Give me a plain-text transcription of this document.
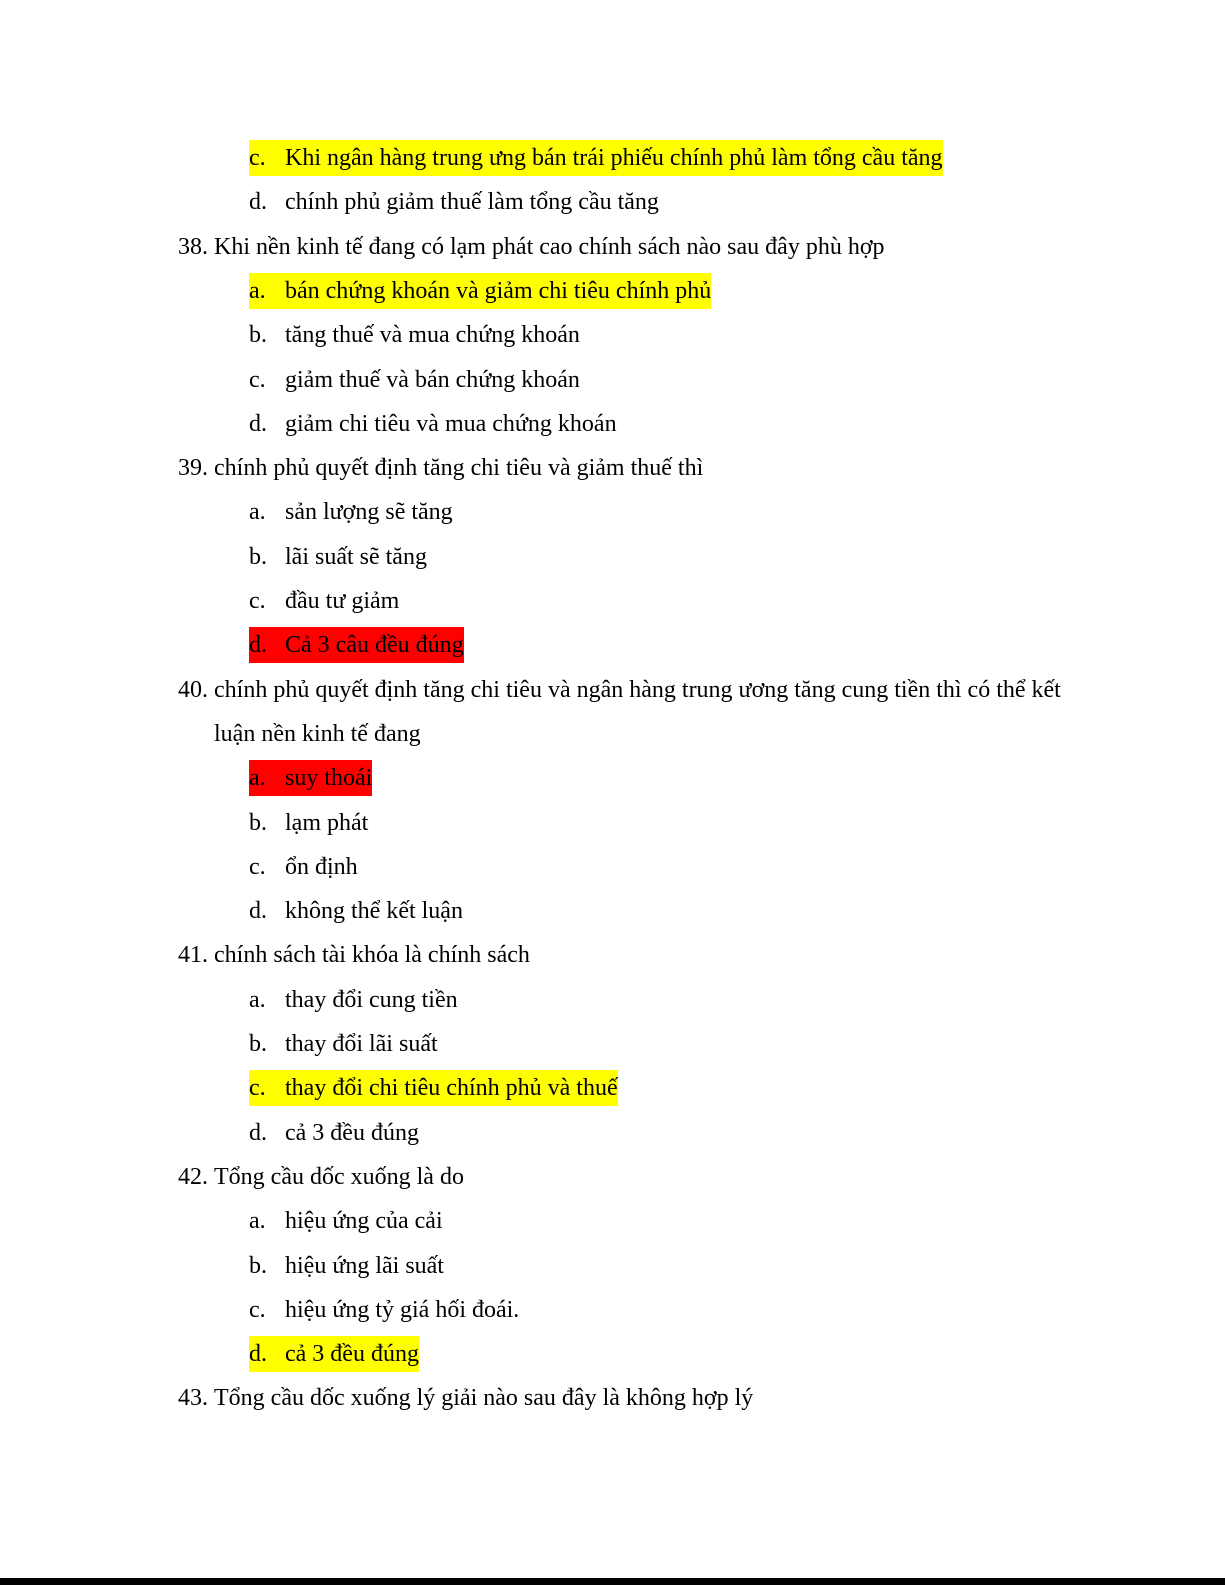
c. Khi ngân hàng trung ưng bán trái phiếu chính phủ làm tổng cầu tăng
d. chính phủ giảm thuế làm tổng cầu tăng
38. Khi nền kinh tế đang có lạm phát cao chính sách nào sau đây phù hợp
a. bán chứng khoán và giảm chi tiêu chính phủ
b. tăng thuế và mua chứng khoán
c. giảm thuế và bán chứng khoán
d. giảm chi tiêu và mua chứng khoán
39. chính phủ quyết định tăng chi tiêu và giảm thuế thì
a. sản lượng sẽ tăng
b. lãi suất sẽ tăng
c. đầu tư giảm
d. Cả 3 câu đều đúng
40. chính phủ quyết định tăng chi tiêu và ngân hàng trung ương tăng cung tiền thì có thể kết
luận nền kinh tế đang
a. suy thoái
b. lạm phát
c. ổn định
d. không thể kết luận
41. chính sách tài khóa là chính sách
a. thay đổi cung tiền
b. thay đổi lãi suất
c. thay đổi chi tiêu chính phủ và thuế
d. cả 3 đều đúng
42. Tổng cầu dốc xuống là do
a. hiệu ứng của cải
b. hiệu ứng lãi suất
c. hiệu ứng tỷ giá hối đoái.
d. cả 3 đều đúng
43. Tổng cầu dốc xuống lý giải nào sau đây là không hợp lý
